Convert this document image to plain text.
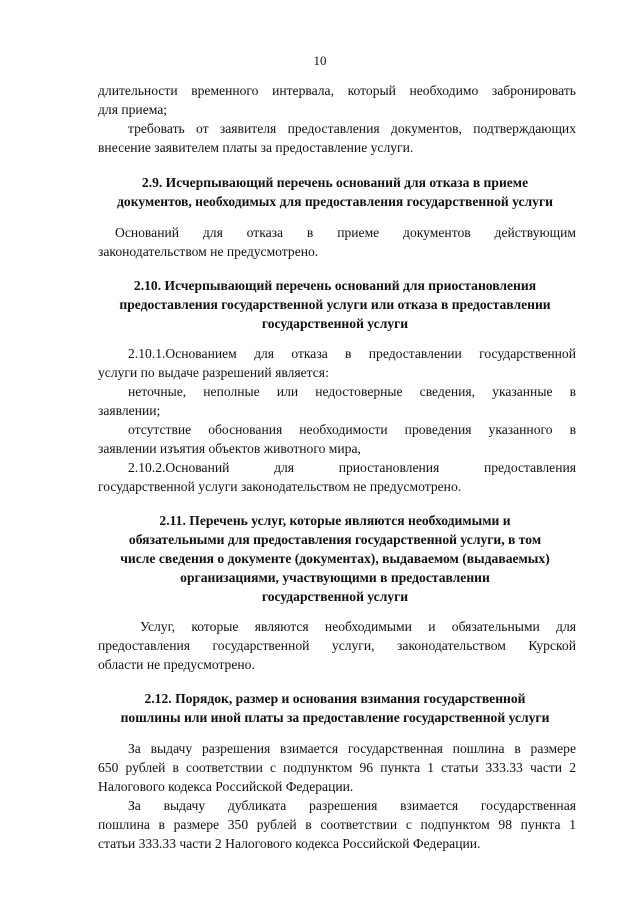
10
длительности временного интервала, который необходимо забронировать
для приема;
требовать от заявителя предоставления документов, подтверждающих
внесение заявителем платы за предоставление услуги.
2.9. Исчерпывающий перечень оснований для отказа в приеме
документов, необходимых для предоставления государственной услуги
Оснований для отказа в приеме документов действующим
законодательством не предусмотрено.
2.10. Исчерпывающий перечень оснований для приостановления
предоставления государственной услуги или отказа в предоставлении
государственной услуги
2.10.1.Основанием для отказа в предоставлении государственной
услуги по выдаче разрешений является:
неточные, неполные или недостоверные сведения, указанные в
заявлении;
отсутствие обоснования необходимости проведения указанного в
заявлении изъятия объектов животного мира,
2.10.2.Оснований для приостановления предоставления
государственной услуги законодательством не предусмотрено.
2.11. Перечень услуг, которые являются необходимыми и
обязательными для предоставления государственной услуги, в том
числе сведения о документе (документах), выдаваемом (выдаваемых)
организациями, участвующими в предоставлении
государственной услуги
Услуг, которые являются необходимыми и обязательными для
предоставления государственной услуги, законодательством Курской
области не предусмотрено.
2.12. Порядок, размер и основания взимания государственной
пошлины или иной платы за предоставление государственной услуги
За выдачу разрешения взимается государственная пошлина в размере
650 рублей в соответствии с подпунктом 96 пункта 1 статьи 333.33 части 2
Налогового кодекса Российской Федерации.
За выдачу дубликата разрешения взимается государственная
пошлина в размере 350 рублей в соответствии с подпунктом 98 пункта 1
статьи 333.33 части 2 Налогового кодекса Российской Федерации.
